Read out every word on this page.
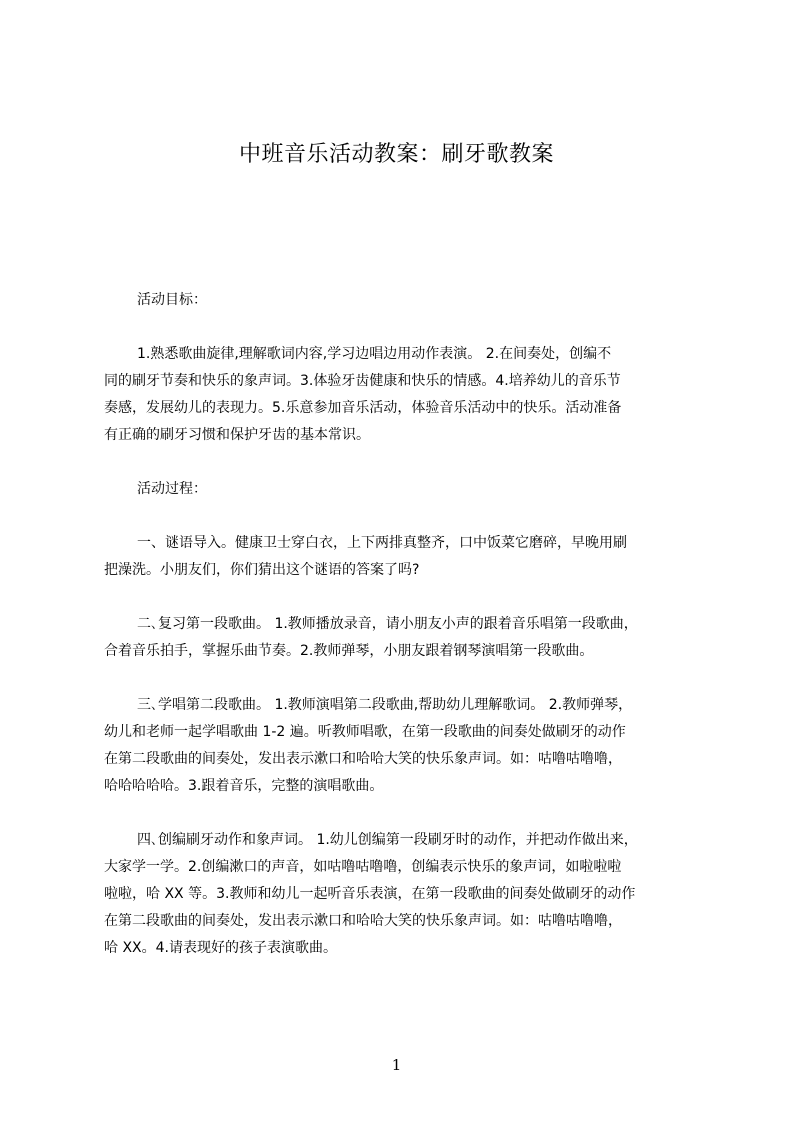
中班音乐活动教案：刷牙歌教案
活动目标：
1.熟悉歌曲旋律,理解歌词内容,学习边唱边用动作表演。 2.在间奏处，创编不
同的刷牙节奏和快乐的象声词。3.体验牙齿健康和快乐的情感。4.培养幼儿的音乐节
奏感，发展幼儿的表现力。5.乐意参加音乐活动，体验音乐活动中的快乐。活动准备
有正确的刷牙习惯和保护牙齿的基本常识。
活动过程：
一、谜语导入。健康卫士穿白衣，上下两排真整齐，口中饭菜它磨碎，早晚用刷
把澡洗。小朋友们，你们猜出这个谜语的答案了吗?
二､复习第一段歌曲。 1.教师播放录音，请小朋友小声的跟着音乐唱第一段歌曲，
合着音乐拍手，掌握乐曲节奏。2.教师弹琴，小朋友跟着钢琴演唱第一段歌曲。
三､学唱第二段歌曲。 1.教师演唱第二段歌曲,帮助幼儿理解歌词。 2.教师弹琴，
幼儿和老师一起学唱歌曲 1-2 遍。听教师唱歌，在第一段歌曲的间奏处做刷牙的动作
在第二段歌曲的间奏处，发出表示漱口和哈哈大笑的快乐象声词。如：咕噜咕噜噜，
哈哈哈哈哈。3.跟着音乐，完整的演唱歌曲。
四､创编刷牙动作和象声词。 1.幼儿创编第一段刷牙时的动作，并把动作做出来，
大家学一学。2.创编漱口的声音，如咕噜咕噜噜，创编表示快乐的象声词，如啦啦啦
啦啦，哈 XX 等。3.教师和幼儿一起听音乐表演，在第一段歌曲的间奏处做刷牙的动作
在第二段歌曲的间奏处，发出表示漱口和哈哈大笑的快乐象声词。如：咕噜咕噜噜，
哈 XX。4.请表现好的孩子表演歌曲。
1
